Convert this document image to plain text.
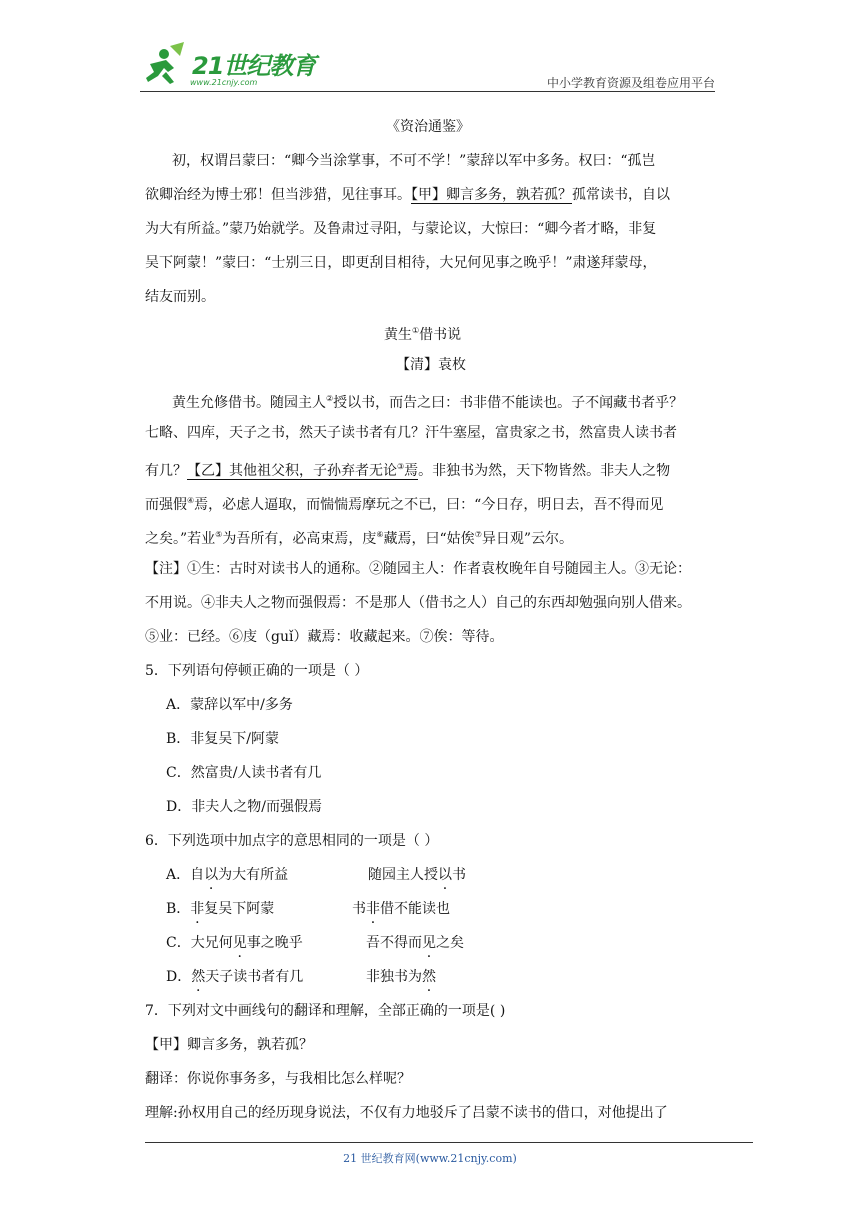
21世纪教育
www.21cnjy.com	中小学教育资源及组卷应用平台
《资治通鉴》
初，权谓吕蒙曰：“卿今当涂掌事，不可不学！”蒙辞以军中多务。权曰：“孤岂
欲卿治经为博士邪！但当涉猎，见往事耳。【甲】卿言多务，孰若孤？孤常读书，自以
为大有所益。”蒙乃始就学。及鲁肃过寻阳，与蒙论议，大惊曰：“卿今者才略，非复
吴下阿蒙！”蒙曰：“士别三日，即更刮目相待，大兄何见事之晚乎！”肃遂拜蒙母，
结友而别。
黄生①借书说
【清】袁枚
黄生允修借书。随园主人②授以书，而告之曰：书非借不能读也。子不闻藏书者乎？
七略、四库，天子之书，然天子读书者有几？汗牛塞屋，富贵家之书，然富贵人读书者
有几？【乙】其他祖父积，子孙弃者无论③焉。非独书为然，天下物皆然。非夫人之物
而强假④焉，必虑人逼取，而惴惴焉摩玩之不已，曰：“今日存，明日去，吾不得而见
之矣。”若业⑤为吾所有，必高束焉，庋⑥藏焉，曰“姑俟⑦异日观”云尔。
【注】①生：古时对读书人的通称。②随园主人：作者袁枚晚年自号随园主人。③无论：
不用说。④非夫人之物而强假焉：不是那人（借书之人）自己的东西却勉强向别人借来。
⑤业：已经。⑥庋（guǐ）藏焉：收藏起来。⑦俟：等待。
5．下列语句停顿正确的一项是（ ）
A．蒙辞以军中/多务
B．非复吴下/阿蒙
C．然富贵/人读书者有几
D．非夫人之物/而强假焉
6．下列选项中加点字的意思相同的一项是（ ）
A．自以为大有所益	随园主人授以书
B．非复吴下阿蒙	书非借不能读也
C．大兄何见事之晚乎	吾不得而见之矣
D．然天子读书者有几	非独书为然
7．下列对文中画线句的翻译和理解，全部正确的一项是( )
【甲】卿言多务，孰若孤？
翻译：你说你事务多，与我相比怎么样呢？
理解:孙权用自己的经历现身说法，不仅有力地驳斥了吕蒙不读书的借口，对他提出了
21 世纪教育网(www.21cnjy.com)
